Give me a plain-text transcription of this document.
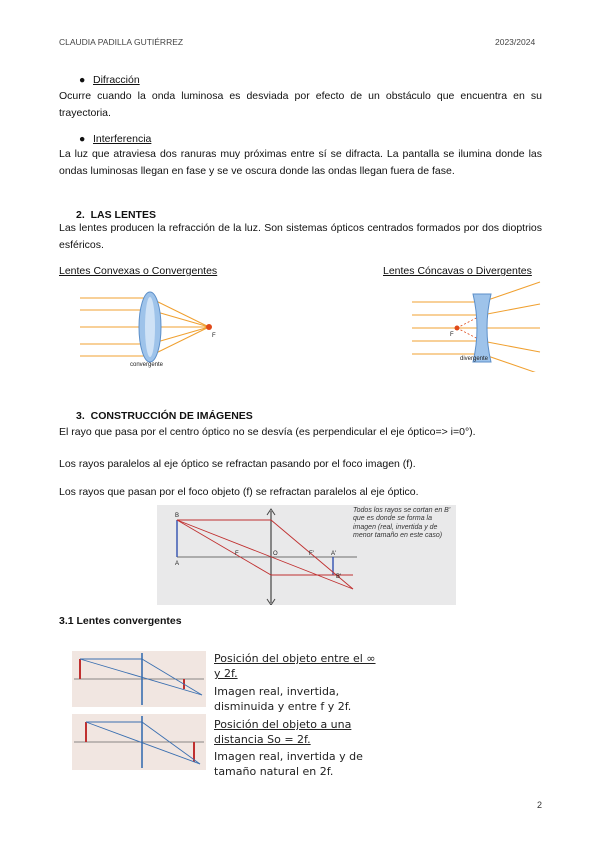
CLAUDIA PADILLA GUTIÉRREZ	2023/2024
● Difracción
Ocurre cuando la onda luminosa es desviada por efecto de un obstáculo que encuentra en su trayectoria.
● Interferencia
La luz que atraviesa dos ranuras muy próximas entre sí se difracta. La pantalla se ilumina donde las ondas luminosas llegan en fase y se ve oscura donde las ondas llegan fuera de fase.
2. LAS LENTES
Las lentes producen la refracción de la luz. Son sistemas ópticos centrados formados por dos dioptrios esféricos.
Lentes Convexas o Convergentes	Lentes Cóncavas o Divergentes
F
convergente
F
divergente
3. CONSTRUCCIÓN DE IMÁGENES
El rayo que pasa por el centro óptico no se desvía (es perpendicular el eje óptico=> i=0°).
Los rayos paralelos al eje óptico se refractan pasando por el foco imagen (f).
Los rayos que pasan por el foco objeto (f) se refractan paralelos al eje óptico.
B
A
F	O	F'	A'
B'
Todos los rayos se cortan en B' que es donde se forma la imagen (real, invertida y de menor tamaño en este caso)
3.1 Lentes convergentes
Posición del objeto entre el ∞ y 2f.
Imagen real, invertida, disminuida y entre f y 2f.
Posición del objeto a una distancia So = 2f.
Imagen real, invertida y de tamaño natural en 2f.
2
